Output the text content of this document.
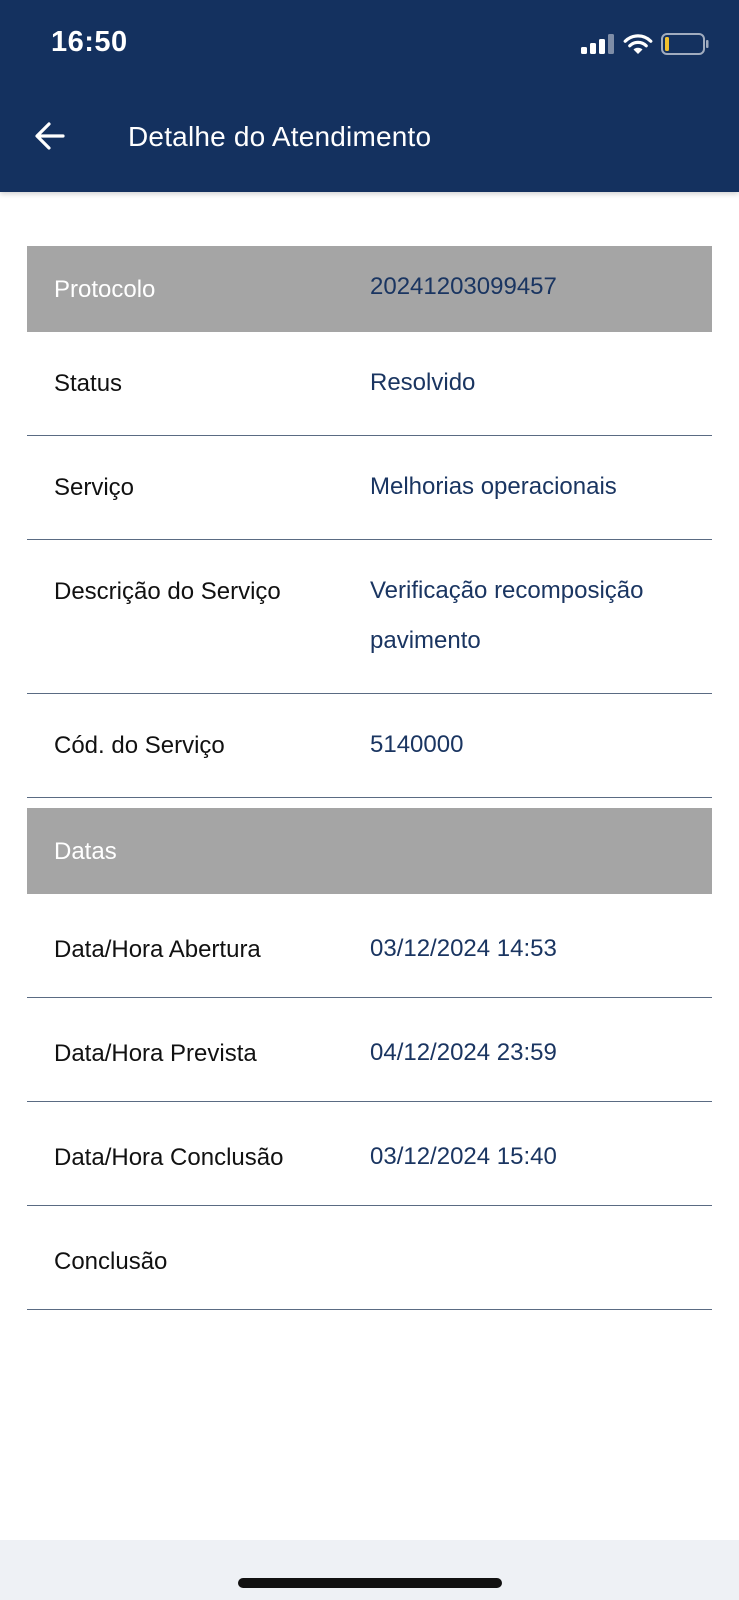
16:50
Detalhe do Atendimento
Protocolo	20241203099457
Status	Resolvido
Serviço	Melhorias operacionais
Descrição do Serviço	Verificação recomposição pavimento
Cód. do Serviço	5140000
Datas
Data/Hora Abertura	03/12/2024 14:53
Data/Hora Prevista	04/12/2024 23:59
Data/Hora Conclusão	03/12/2024 15:40
Conclusão
